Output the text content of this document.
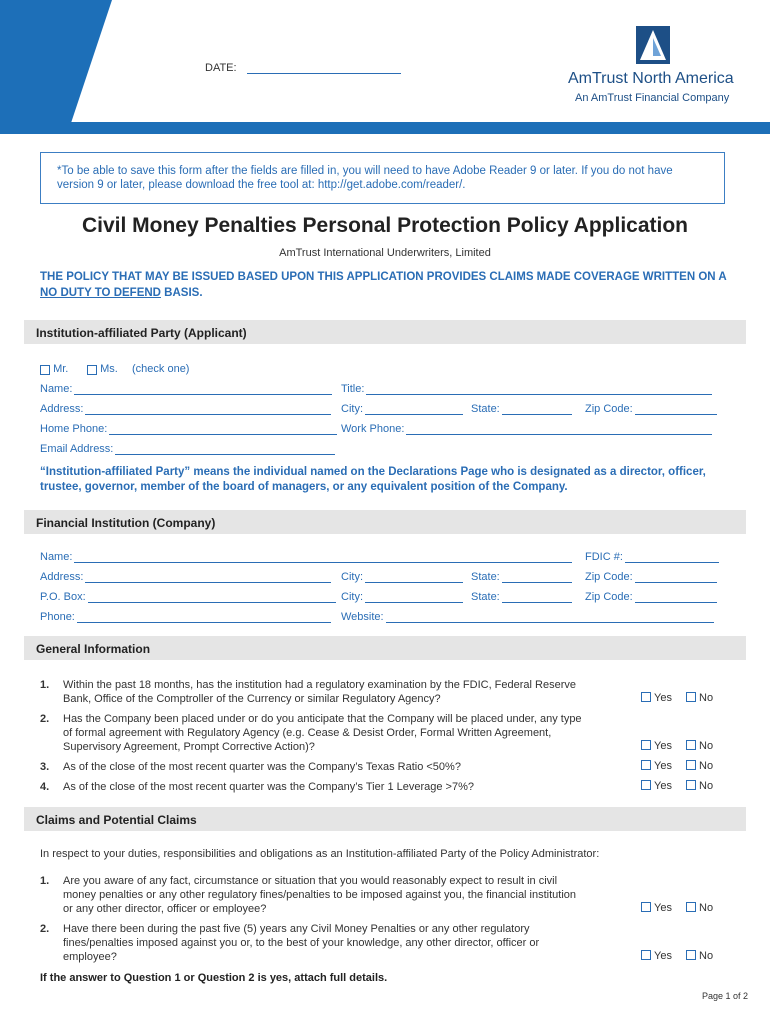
DATE:
AmTrust North America
An AmTrust Financial Company
*To be able to save this form after the fields are filled in, you will need to have Adobe Reader 9 or later. If you do not have version 9 or later, please download the free tool at: http://get.adobe.com/reader/.
Civil Money Penalties Personal Protection Policy Application
AmTrust International Underwriters, Limited
THE POLICY THAT MAY BE ISSUED BASED UPON THIS APPLICATION PROVIDES CLAIMS MADE COVERAGE WRITTEN ON A NO DUTY TO DEFEND BASIS.
Institution-affiliated Party (Applicant)

Mr.
	Ms. (check one)
Name:	Title:
Address:	City:	State:	Zip Code:
Home Phone:	Work Phone:
Email Address:
“Institution-affiliated Party” means the individual named on the Declarations Page who is designated as a director, officer, trustee, governor, member of the board of managers, or any equivalent position of the Company.
Financial Institution (Company)
Name:	FDIC #:
Address:	City:	State:	Zip Code:
P.O. Box:	City:	State:	Zip Code:
Phone:	Website:
General Information
1. Within the past 18 months, has the institution had a regulatory examination by the FDIC, Federal Reserve Bank, Office of the Comptroller of the Currency or similar Regulatory Agency?	Yes	No
2. Has the Company been placed under or do you anticipate that the Company will be placed under, any type of formal agreement with Regulatory Agency (e.g. Cease & Desist Order, Formal Written Agreement, Supervisory Agreement, Prompt Corrective Action)?	Yes	No
3. As of the close of the most recent quarter was the Company’s Texas Ratio <50%?	Yes	No
4. As of the close of the most recent quarter was the Company’s Tier 1 Leverage >7%?	Yes	No
Claims and Potential Claims
In respect to your duties, responsibilities and obligations as an Institution-affiliated Party of the Policy Administrator:
1. Are you aware of any fact, circumstance or situation that you would reasonably expect to result in civil money penalties or any other regulatory fines/penalties to be imposed against you, the financial institution or any other director, officer or employee?	Yes	No
2. Have there been during the past five (5) years any Civil Money Penalties or any other regulatory fines/penalties imposed against you or, to the best of your knowledge, any other director, officer or employee?	Yes	No
If the answer to Question 1 or Question 2 is yes, attach full details.
Page 1 of 2
